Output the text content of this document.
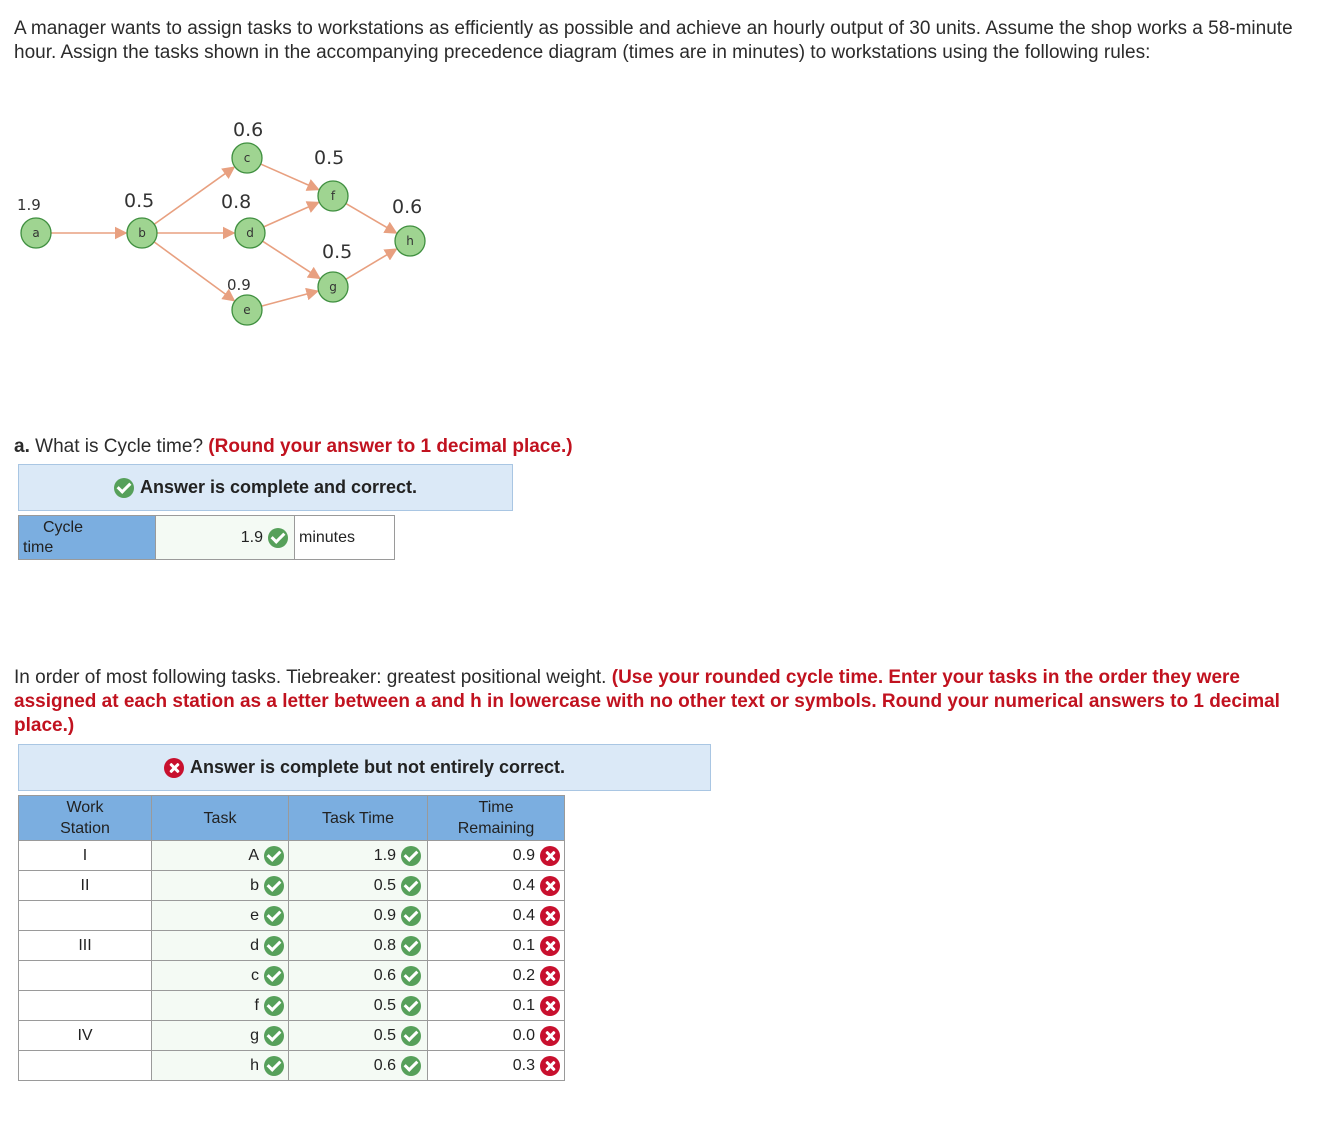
A manager wants to assign tasks to workstations as efficiently as possible and achieve an hourly output of 30 units. Assume the shop works a 58-minute hour. Assign the tasks shown in the accompanying precedence diagram (times are in minutes) to workstations using the following rules:
a
1.9
b
0.5
c
0.6
d
0.8
e
0.9
f
0.5
g
0.5	h
0.6
a. What is Cycle time? (Round your answer to 1 decimal place.)
Answer is complete and correct.
Cycle
time

1.9	minutes
In order of most following tasks. Tiebreaker: greatest positional weight. (Use your rounded cycle time. Enter your tasks in the order they were assigned at each station as a letter between a and h in lowercase with no other text or symbols. Round your numerical answers to 1 decimal place.)
Answer is complete but not entirely correct.
Work
Station	Task	Task Time	Time
Remaining
I	A	1.9	0.9

II	b	0.5	0.4

	e	0.9	0.4

III	d	0.8	0.1

	c	0.6	0.2

	f	0.5	0.1

IV	g	0.5	0.0

	h	0.6	0.3
